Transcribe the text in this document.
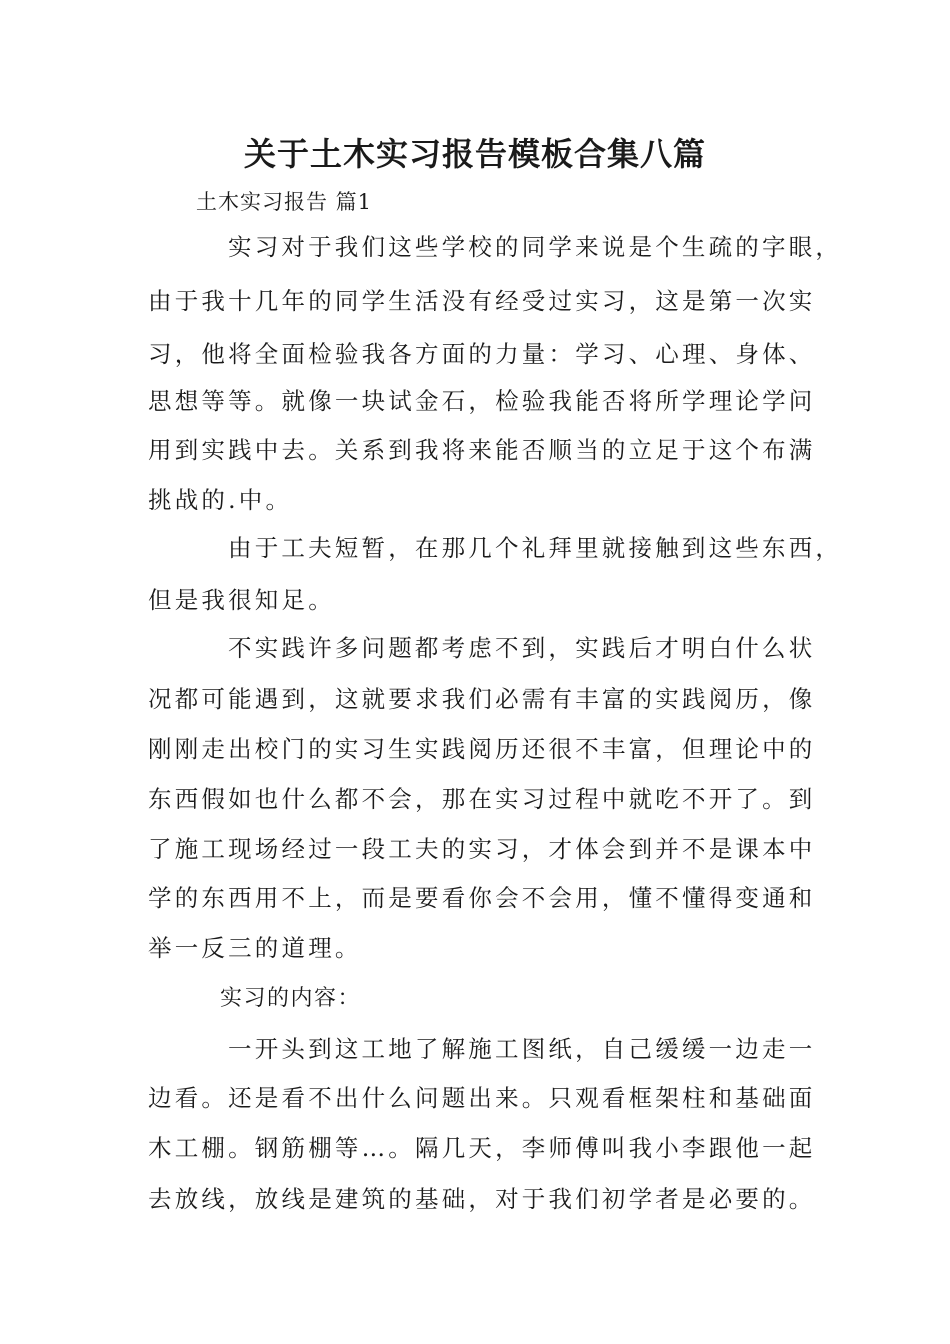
关于土木实习报告模板合集八篇

土木实习报告 篇1

实习对于我们这些学校的同学来说是个生疏的字眼，

由于我十几年的同学生活没有经受过实习，这是第一次实

习，他将全面检验我各方面的力量：学习、心理、身体、

思想等等。就像一块试金石，检验我能否将所学理论学问

用到实践中去。关系到我将来能否顺当的立足于这个布满

挑战的.中。

由于工夫短暂，在那几个礼拜里就接触到这些东西，

但是我很知足。

不实践许多问题都考虑不到，实践后才明白什么状

况都可能遇到，这就要求我们必需有丰富的实践阅历，像

刚刚走出校门的实习生实践阅历还很不丰富，但理论中的

东西假如也什么都不会，那在实习过程中就吃不开了。到

了施工现场经过一段工夫的实习，才体会到并不是课本中

学的东西用不上，而是要看你会不会用，懂不懂得变通和

举一反三的道理。

实习的内容：

一开头到这工地了解施工图纸，自己缓缓一边走一

边看。还是看不出什么问题出来。只观看框架柱和基础面

木工棚。钢筋棚等…。隔几天，李师傅叫我小李跟他一起

去放线，放线是建筑的基础，对于我们初学者是必要的。
